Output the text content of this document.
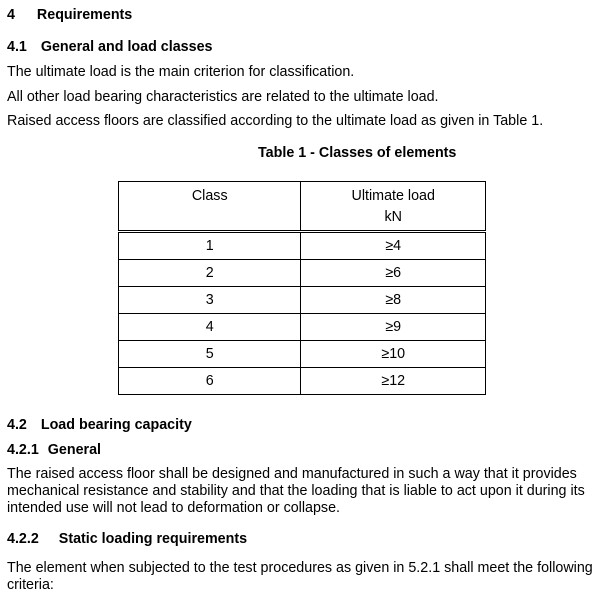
4 Requirements
4.1 General and load classes
The ultimate load is the main criterion for classification.
All other load bearing characteristics are related to the ultimate load.
Raised access floors are classified according to the ultimate load as given in Table 1.
Table 1 - Classes of elements
Class	Ultimate load
kN

1	≥4
2	≥6
3	≥8
4	≥9
5	≥10
6	≥12
4.2 Load bearing capacity
4.2.1 General
The raised access floor shall be designed and manufactured in such a way that it provides
mechanical resistance and stability and that the loading that is liable to act upon it during its
intended use will not lead to deformation or collapse.
4.2.2 Static loading requirements
The element when subjected to the test procedures as given in 5.2.1 shall meet the following
criteria:
